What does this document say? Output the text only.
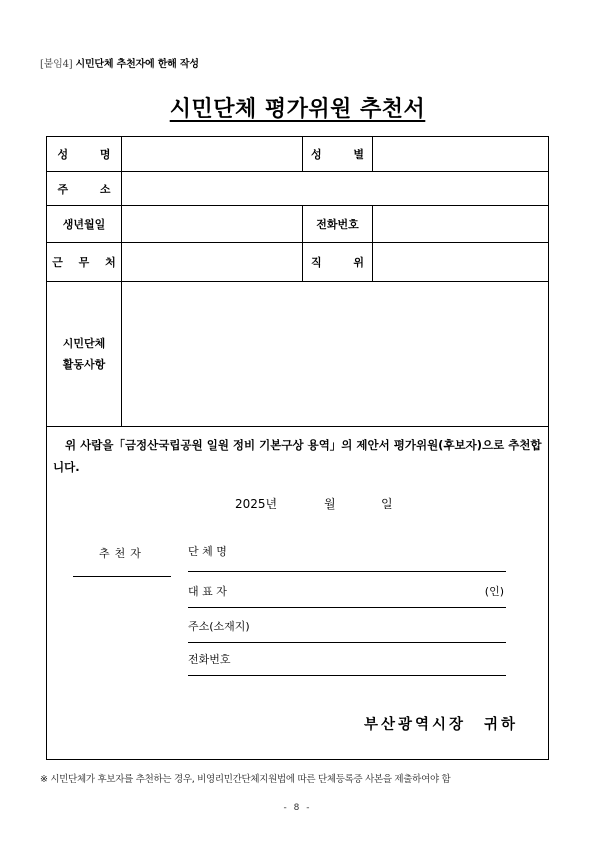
[붙임4] 시민단체 추천자에 한해 작성
시민단체 평가위원 추천서
성 명	성 별
주 소
생년월일	전화번호
근 무 처	직 위
시민단체
활동사항
위 사람을「금정산국립공원 일원 정비 기본구상 용역」의 제안서 평가위원(후보자)으로 추천합니다.
2025년	월	일
추천자	단 체 명
대 표 자	(인)
주소(소재지)
전화번호
부산광역시장 귀하
※ 시민단체가 후보자를 추천하는 경우, 비영리민간단체지원법에 따른 단체등록증 사본을 제출하여야 함
- 8 -
